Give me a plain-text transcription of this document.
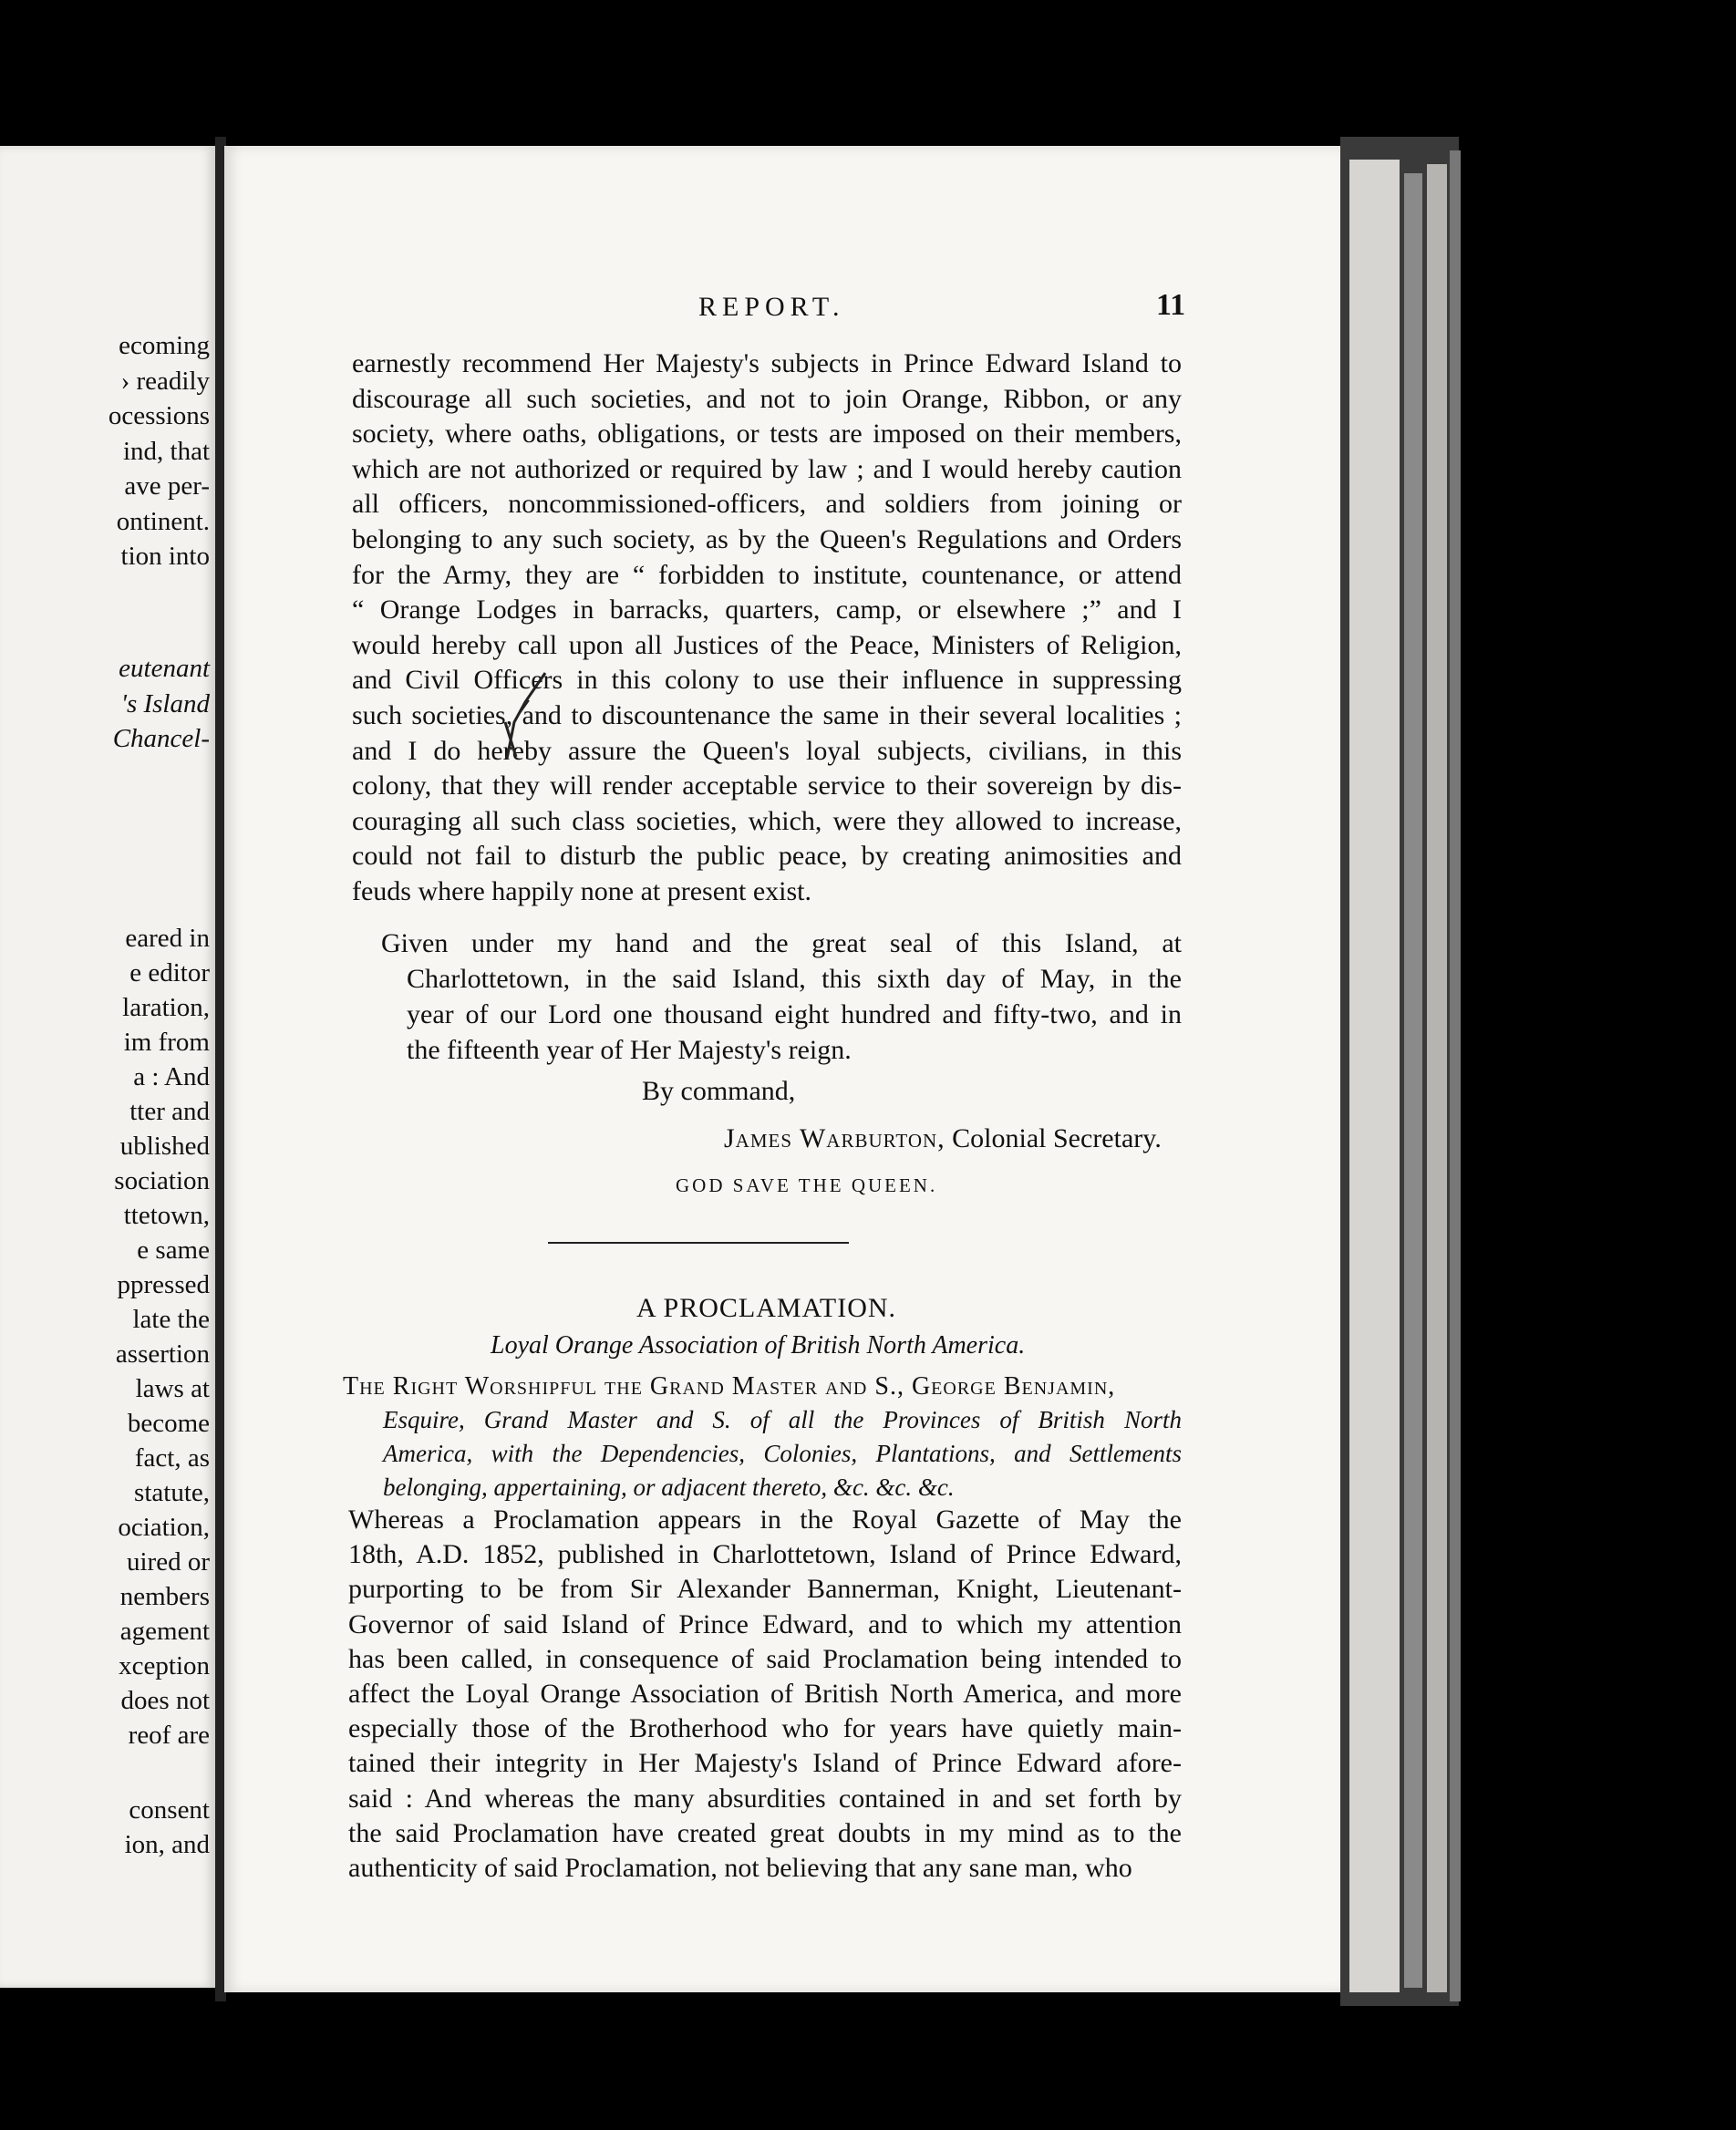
ecoming
› readily
ocessions
ind, that
ave per-
ontinent.
tion into
eutenant
's Island
Chancel-
eared in
e editor
laration,
im from
a : And
tter and
ublished
sociation
ttetown,
e same
ppressed
late the
assertion
laws at
become
fact, as
statute,
ociation,
uired or
nembers
agement
xception
does not
reof are
consent
ion, and
REPORT.	11
earnestly recommend Her Majesty's subjects in Prince Edward Island to
discourage all such societies, and not to join Orange, Ribbon, or any
society, where oaths, obligations, or tests are imposed on their members,
which are not authorized or required by law ; and I would hereby caution
all officers, noncommissioned-officers, and soldiers from joining or
belonging to any such society, as by the Queen's Regulations and Orders
for the Army, they are “ forbidden to institute, countenance, or attend
“ Orange Lodges in barracks, quarters, camp, or elsewhere ;” and I
would hereby call upon all Justices of the Peace, Ministers of Religion,
and Civil Officers in this colony to use their influence in suppressing
such societies, and to discountenance the same in their several localities ;
and I do hereby assure the Queen's loyal subjects, civilians, in this
colony, that they will render acceptable service to their sovereign by dis-
couraging all such class societies, which, were they allowed to increase,
could not fail to disturb the public peace, by creating animosities and
feuds where happily none at present exist.
Given under my hand and the great seal of this Island, at
Charlottetown, in the said Island, this sixth day of May, in the
year of our Lord one thousand eight hundred and fifty-two, and in
the fifteenth year of Her Majesty's reign.
By command,
James Warburton, Colonial Secretary.
GOD SAVE THE QUEEN.
A PROCLAMATION.
Loyal Orange Association of British North America.
The Right Worshipful the Grand Master and S., George Benjamin,
Esquire, Grand Master and S. of all the Provinces of British North
America, with the Dependencies, Colonies, Plantations, and Settlements
belonging, appertaining, or adjacent thereto, &c. &c. &c.
Whereas a Proclamation appears in the Royal Gazette of May the
18th, A.D. 1852, published in Charlottetown, Island of Prince Edward,
purporting to be from Sir Alexander Bannerman, Knight, Lieutenant-
Governor of said Island of Prince Edward, and to which my attention
has been called, in consequence of said Proclamation being intended to
affect the Loyal Orange Association of British North America, and more
especially those of the Brotherhood who for years have quietly main-
tained their integrity in Her Majesty's Island of Prince Edward afore-
said : And whereas the many absurdities contained in and set forth by
the said Proclamation have created great doubts in my mind as to the
authenticity of said Proclamation, not believing that any sane man, who
